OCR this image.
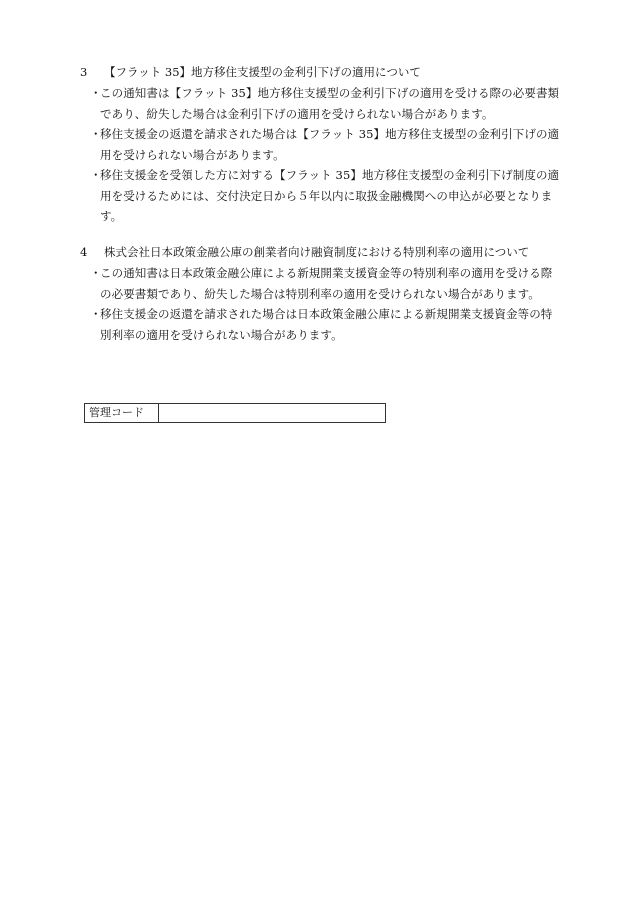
3	【フラット 35】地方移住支援型の金利引下げの適用について
・
この通知書は【フラット 35】地方移住支援型の金利引下げの適用を受ける際の必要書類であり、紛失した場合は金利引下げの適用を受けられない場合があります。
・
移住支援金の返還を請求された場合は【フラット 35】地方移住支援型の金利引下げの適用を受けられない場合があります。
・
移住支援金を受領した方に対する【フラット 35】地方移住支援型の金利引下げ制度の適用を受けるためには、交付決定日から５年以内に取扱金融機関への申込が必要となります。
4	株式会社日本政策金融公庫の創業者向け融資制度における特別利率の適用について
・
この通知書は日本政策金融公庫による新規開業支援資金等の特別利率の適用を受ける際の必要書類であり、紛失した場合は特別利率の適用を受けられない場合があります。
・
移住支援金の返還を請求された場合は日本政策金融公庫による新規開業支援資金等の特別利率の適用を受けられない場合があります。
管理コード
